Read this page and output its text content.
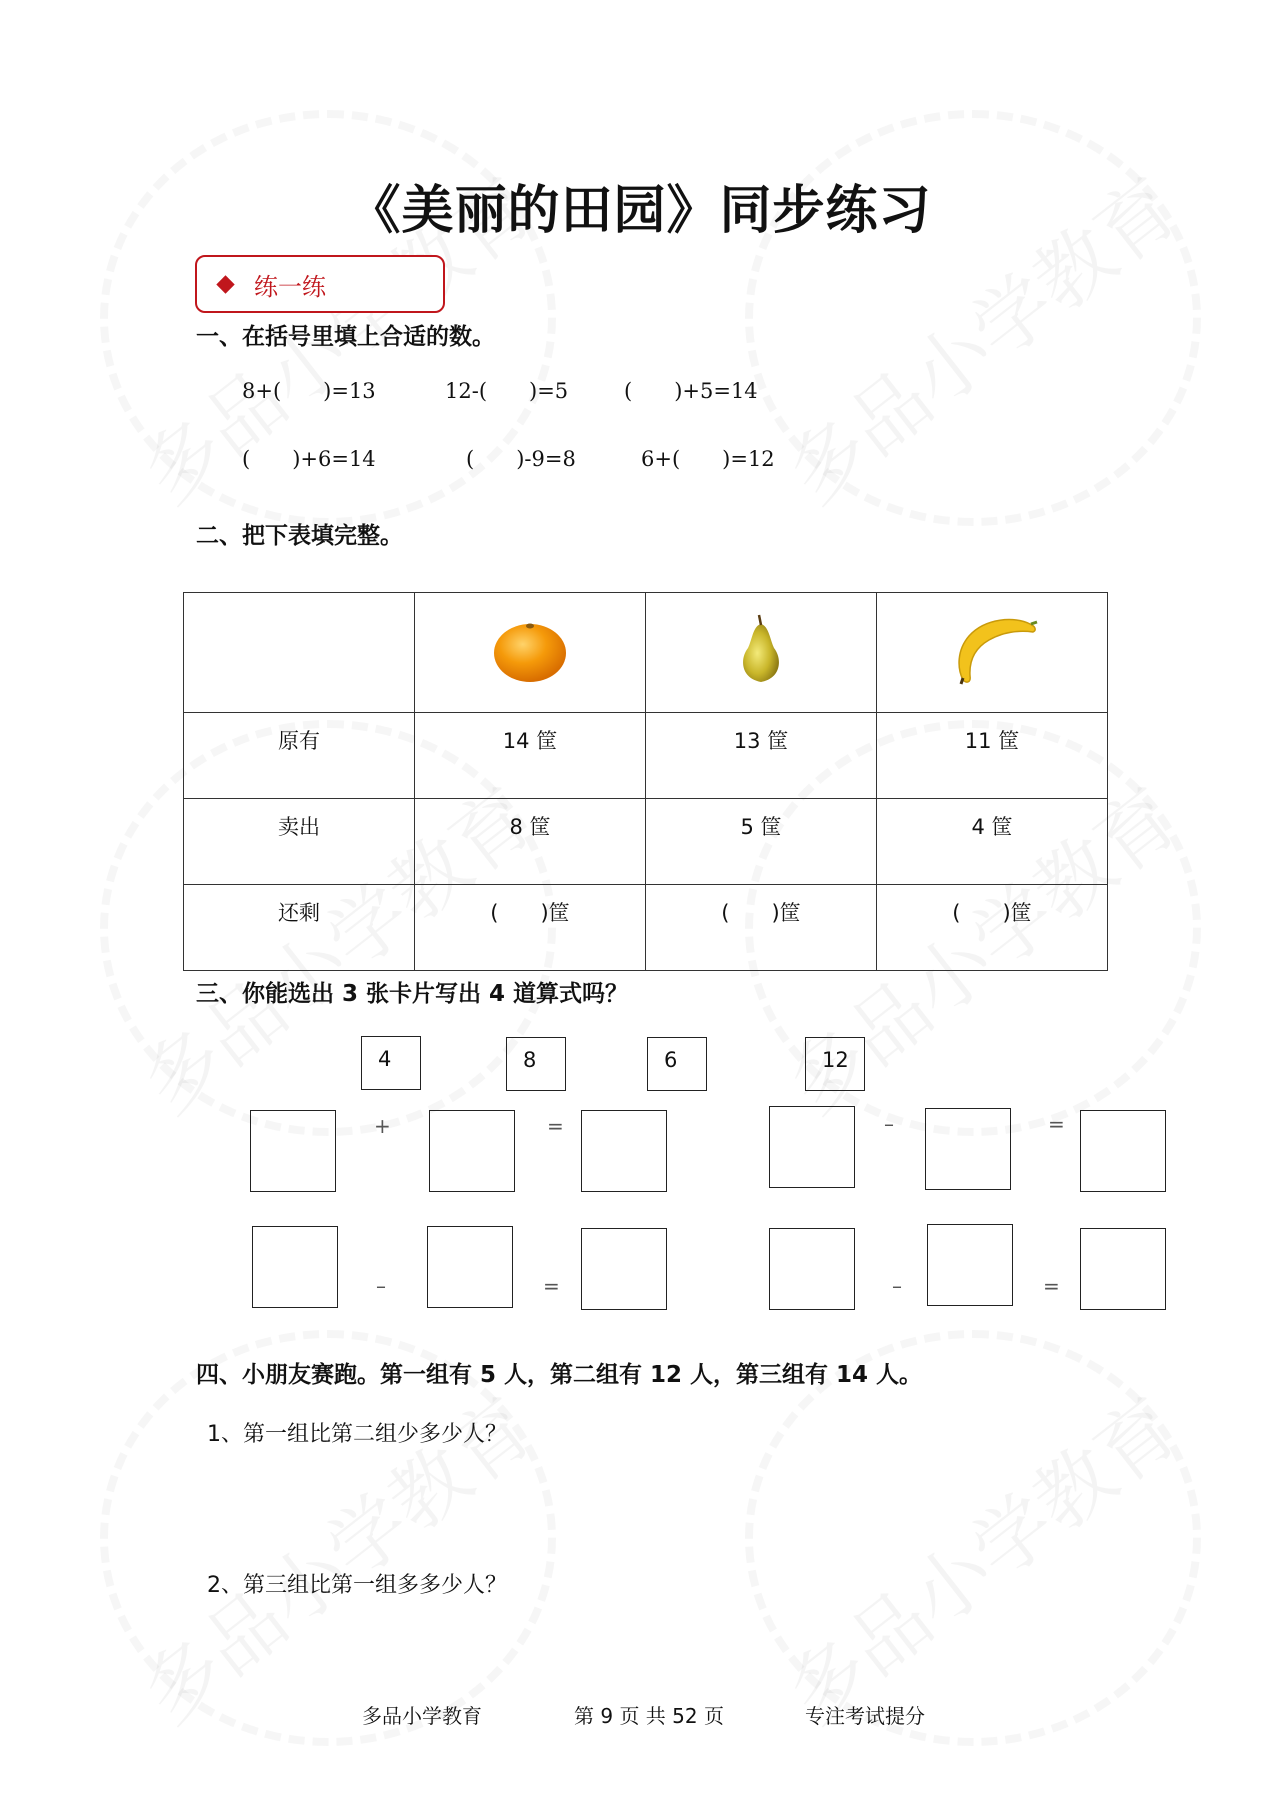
《美丽的田园》同步练习
练一练
一、在括号里填上合适的数。
8+(　　)=13	12-(　　)=5	(　　)+5=14
(　　)+6=14	(　　)-9=8	6+(　　)=12
二、把下表填完整。

原有	14 筐	13 筐	11 筐
卖出	8 筐	5 筐	4 筐
还剩	(　　)筐	(　　)筐	(　　)筐
三、你能选出 3 张卡片写出 4 道算式吗？
4	8	6	12
+	=	–	=
–	=	–	=
四、小朋友赛跑。第一组有 5 人，第二组有 12 人，第三组有 14 人。
1、第一组比第二组少多少人？
2、第三组比第一组多多少人？
多品小学教育	第 9 页 共 52 页	专注考试提分
